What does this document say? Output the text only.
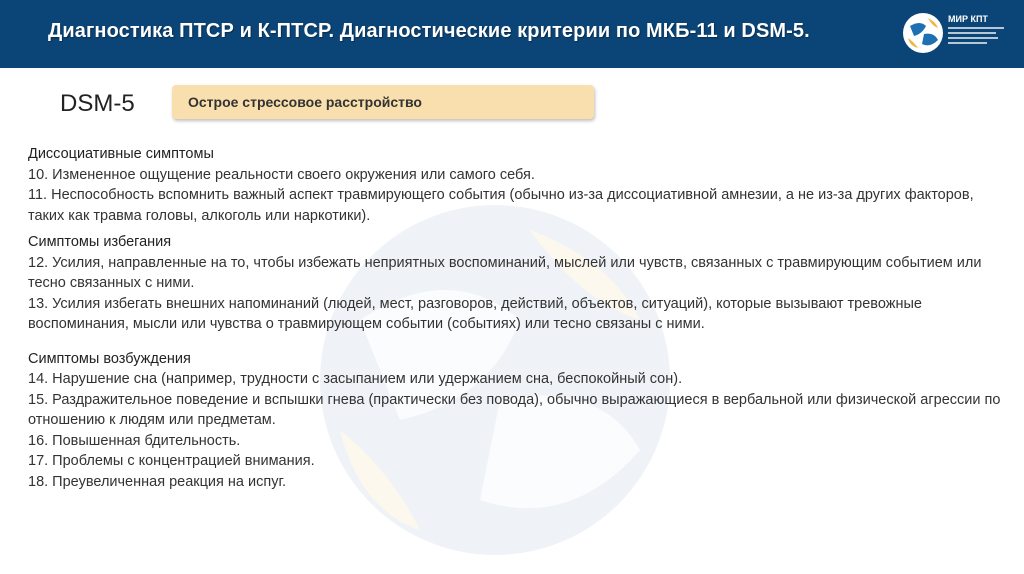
Диагностика ПТСР и К-ПТСР. Диагностические критерии по МКБ-11 и DSM-5.
МИР КПТ
DSM-5	Острое стрессовое расстройство
Диссоциативные симптомы
10. Измененное ощущение реальности своего окружения или самого себя.
11. Неспособность вспомнить важный аспект травмирующего события (обычно из-за диссоциативной амнезии, а не из-за других факторов, таких как травма головы, алкоголь или наркотики).
Симптомы избегания
12. Усилия, направленные на то, чтобы избежать неприятных воспоминаний, мыслей или чувств, связанных с травмирующим событием или тесно связанных с ними.
13. Усилия избегать внешних напоминаний (людей, мест, разговоров, действий, объектов, ситуаций), которые вызывают тревожные воспоминания, мысли или чувства о травмирующем событии (событиях) или тесно связаны с ними.
Симптомы возбуждения
14. Нарушение сна (например, трудности с засыпанием или удержанием сна, беспокойный сон).
15. Раздражительное поведение и вспышки гнева (практически без повода), обычно выражающиеся в вербальной или физической агрессии по отношению к людям или предметам.
16. Повышенная бдительность.
17. Проблемы с концентрацией внимания.
18. Преувеличенная реакция на испуг.
